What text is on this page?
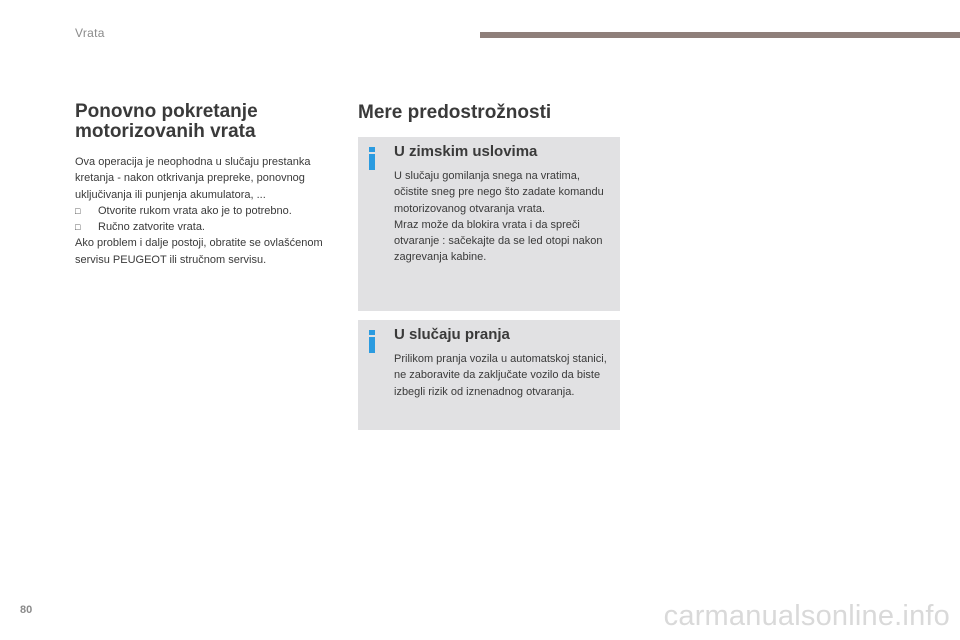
Vrata
Ponovno pokretanje
motorizovanih vrata

Ova operacija je neophodna u slučaju prestanka kretanja - nakon otkrivanja prepreke, ponovnog uključivanja ili punjenja akumulatora, ...

□	Otvorite rukom vrata ako je to potrebno.
□	Ručno zatvorite vrata.

Ako problem i dalje postoji, obratite se ovlašćenom servisu PEUGEOT ili stručnom servisu.

Mere predostrožnosti
U zimskim uslovima

U slučaju gomilanja snega na vratima, očistite sneg pre nego što zadate komandu motorizovanog otvaranja vrata.

Mraz može da blokira vrata i da spreči otvaranje : sačekajte da se led otopi nakon zagrevanja kabine.

U slučaju pranja

Prilikom pranja vozila u automatskoj stanici, ne zaboravite da zaključate vozilo da biste izbegli rizik od iznenadnog otvaranja.

80	carmanualsonline.info
